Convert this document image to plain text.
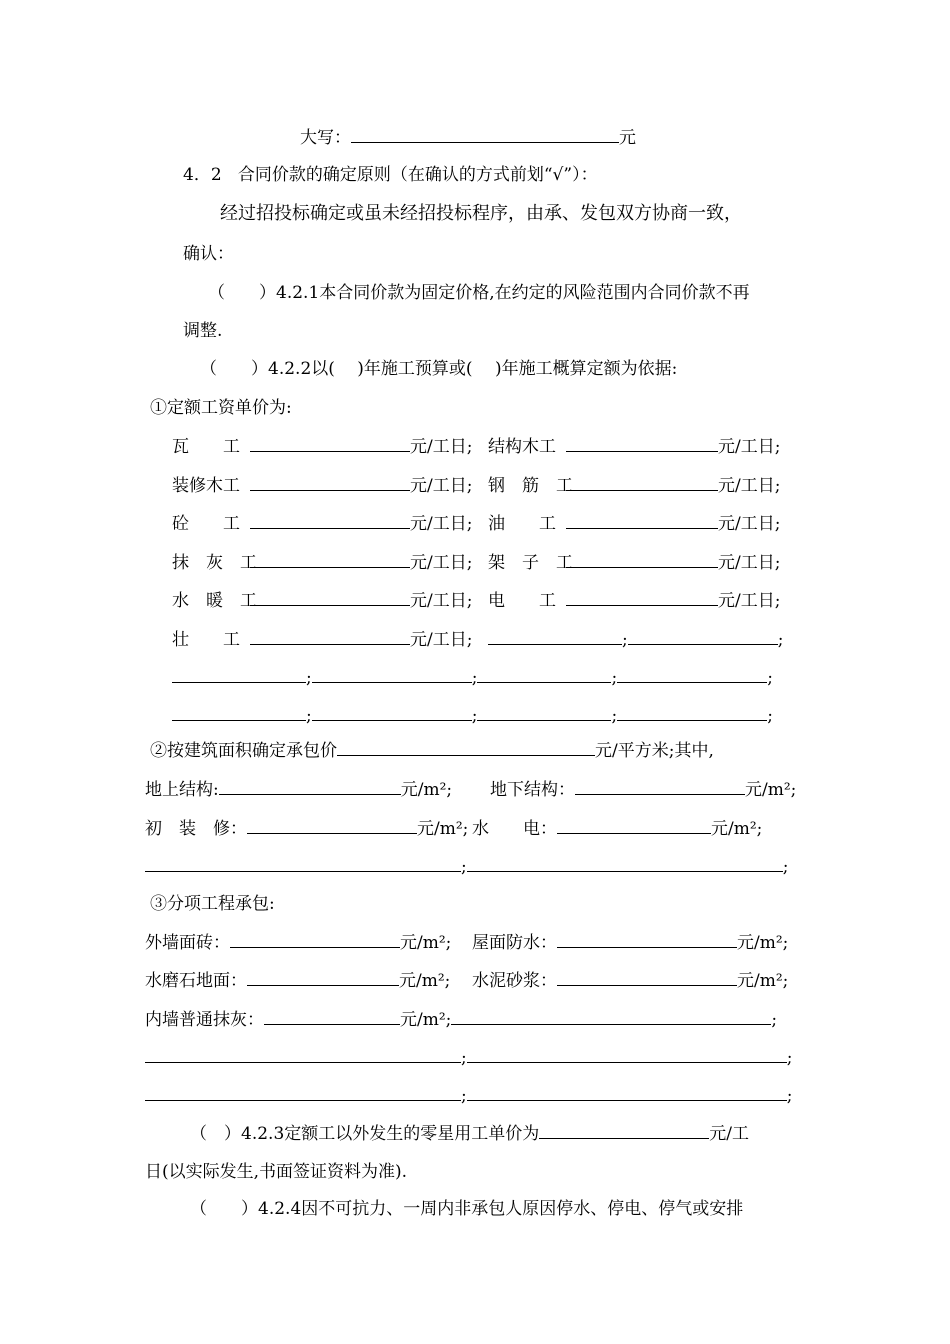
大写：	元
4．2 合同价款的确定原则（在确认的方式前划“√”）：
经过招投标确定或虽未经招投标程序，由承、发包双方协商一致，
确认：
（　　）4.2.1本合同价款为固定价格,在约定的风险范围内合同价款不再
调整.
（　　）4.2.2以(　 )年施工预算或(　 )年施工概算定额为依据:
①定额工资单价为:
瓦　　工	元/工日; 结构木工	元/工日;
装修木工	元/工日; 钢　筋　工	元/工日;
砼　　工	元/工日; 油　　工	元/工日;
抹　灰　工	元/工日; 架　子　工	元/工日;
水　暖　工	元/工日; 电　　工	元/工日;
壮　　工	元/工日;	;	;
;	;	;	;
;	;	;	;
②按建筑面积确定承包价	元/平方米;其中,
地上结构:	元/m²; 地下结构：	元/m²;
初　装　修：	元/m²; 水　　电：	元/m²;
;	;
③分项工程承包:
外墙面砖：	元/m²; 屋面防水：	元/m²;
水磨石地面：	元/m²; 水泥砂浆：	元/m²;
内墙普通抹灰：	元/m²;	;
;	;
;	;
（　）4.2.3定额工以外发生的零星用工单价为	元/工
日(以实际发生,书面签证资料为准).
（　　）4.2.4因不可抗力、一周内非承包人原因停水、停电、停气或安排
